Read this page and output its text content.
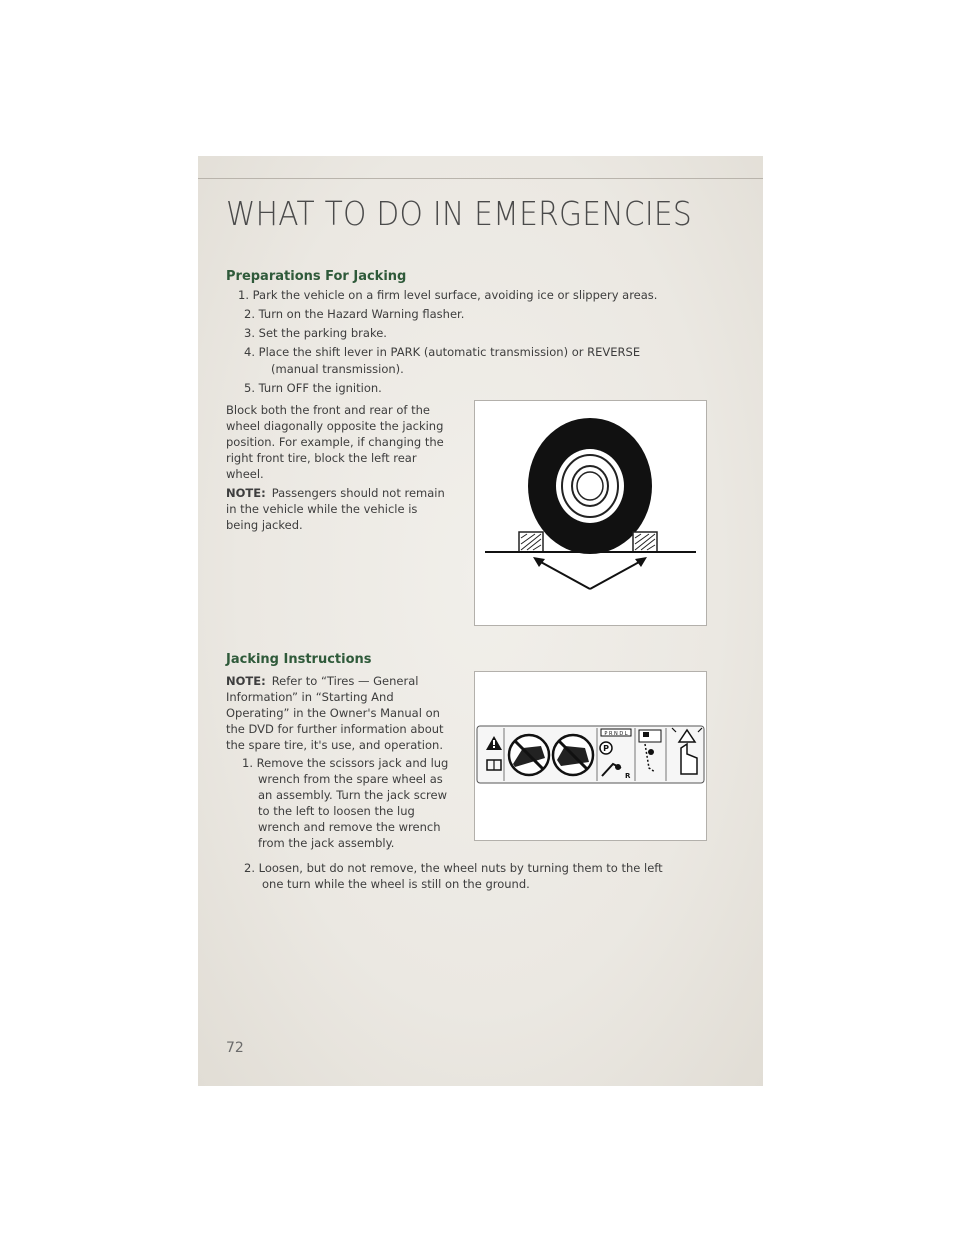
WHAT TO DO IN EMERGENCIES
Preparations For Jacking
1. Park the vehicle on a firm level surface, avoiding ice or slippery areas.
2. Turn on the Hazard Warning flasher.
3. Set the parking brake.
4. Place the shift lever in PARK (automatic transmission) or REVERSE
(manual transmission).
5. Turn OFF the ignition.
Block both the front and rear of the
wheel diagonally opposite the jacking
position. For example, if changing the
right front tire, block the left rear
wheel.
NOTE: Passengers should not remain
in the vehicle while the vehicle is
being jacked.
Jacking Instructions
NOTE: Refer to “Tires — General
Information” in “Starting And
Operating” in the Owner's Manual on
the DVD for further information about
the spare tire, it's use, and operation.
1. Remove the scissors jack and lug
wrench from the spare wheel as
an assembly. Turn the jack screw
to the left to loosen the lug
wrench and remove the wrench
from the jack assembly.
2. Loosen, but do not remove, the wheel nuts by turning them to the left
one turn while the wheel is still on the ground.
P R N D L
P
R
72
